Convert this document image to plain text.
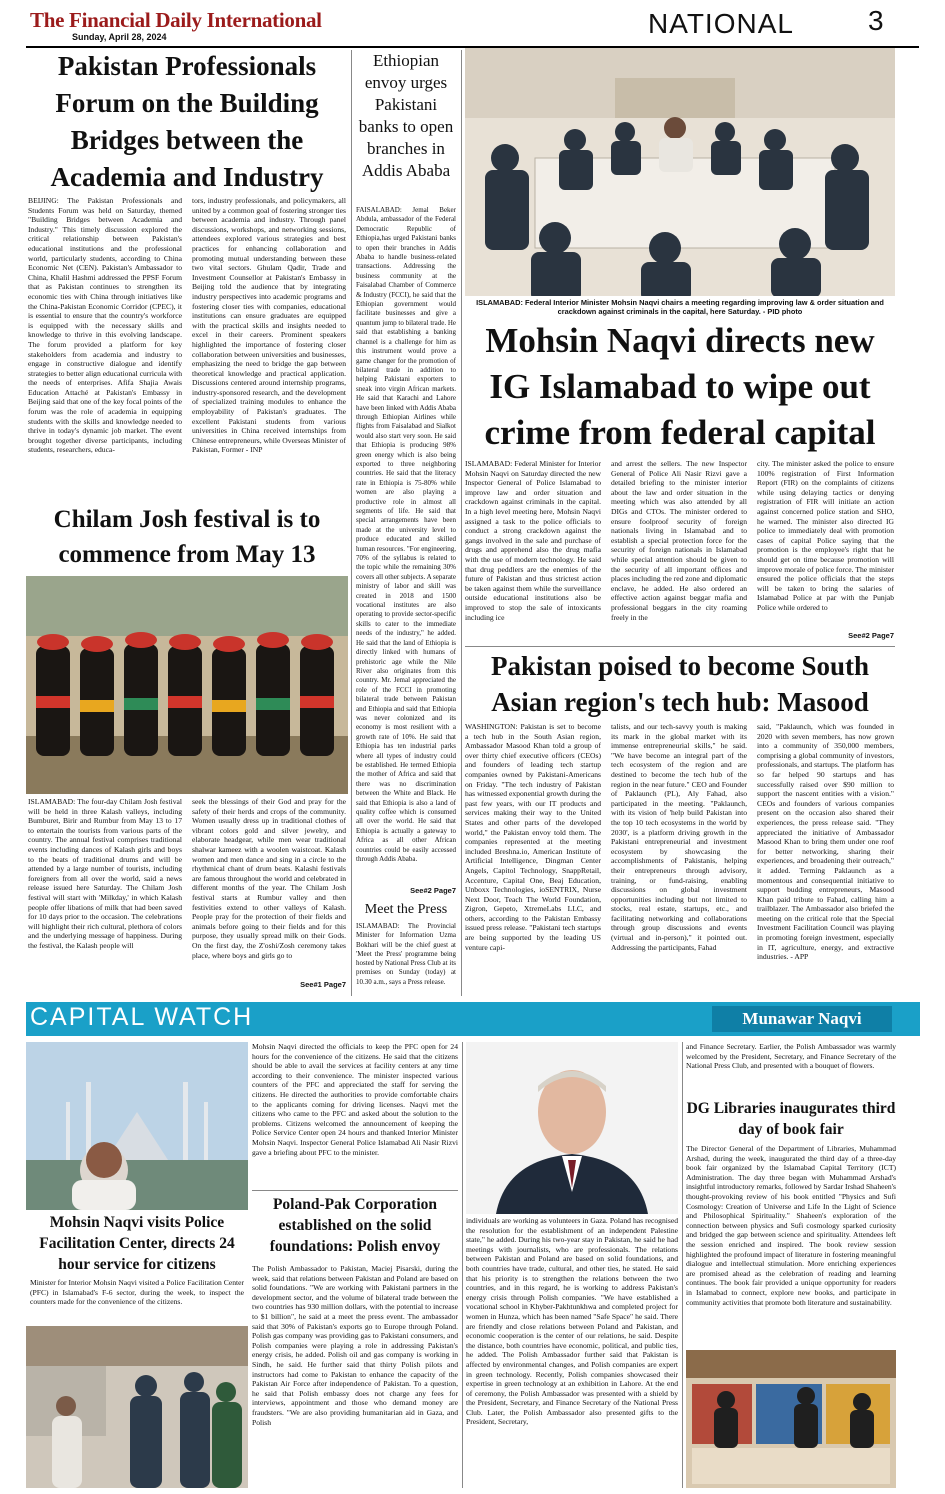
The Financial Daily International
Sunday, April 28, 2024	NATIONAL	3
Pakistan Professionals Forum on the Building Bridges between the Academia and Industry
BEIJING: The Pakistan Professionals and Students Forum was held on Saturday, themed "Building Bridges between Academia and Industry." This timely discussion explored the critical relationship between Pakistan's educational institutions and the professional world, particularly students, according to China Economic Net (CEN). Pakistan's Ambassador to China, Khalil Hashmi addressed the PPSF Forum that as Pakistan continues to strengthen its economic ties with China through initiatives like the China-Pakistan Economic Corridor (CPEC), it is essential to ensure that the country's workforce is equipped with the necessary skills and knowledge to thrive in this evolving landscape. The forum provided a platform for key stakeholders from academia and industry to engage in constructive dialogue and identify strategies to better align educational curricula with the needs of enterprises. Afifa Shajia Awais Education Attaché at Pakistan's Embassy in Beijing said that one of the key focal points of the forum was the role of academia in equipping students with the skills and knowledge needed to thrive in today's dynamic job market. The event brought together diverse participants, including students, researchers, educa-
tors, industry professionals, and policymakers, all united by a common goal of fostering stronger ties between academia and industry. Through panel discussions, workshops, and networking sessions, attendees explored various strategies and best practices for enhancing collaboration and promoting mutual understanding between these two vital sectors. Ghulam Qadir, Trade and Investment Counsellor at Pakistan's Embassy in Beijing told the audience that by integrating industry perspectives into academic programs and fostering closer ties with companies, educational institutions can ensure graduates are equipped with the practical skills and insights needed to excel in their careers. Prominent speakers highlighted the importance of fostering closer collaboration between universities and businesses, emphasizing the need to bridge the gap between theoretical knowledge and practical application. Discussions centered around internship programs, industry-sponsored research, and the development of specialized training modules to enhance the employability of Pakistan's graduates. The excellent Pakistani students from various universities in China received internships from Chinese entrepreneurs, while Overseas Minister of Pakistan, Former - INP
Ethiopian envoy urges Pakistani banks to open branches in Addis Ababa
FAISALABAD: Jemal Beker Abdula, ambassador of the Federal Democratic Republic of Ethiopia,has urged Pakistani banks to open their branches in Addis Ababa to handle business-related transactions. Addressing the business community at the Faisalabad Chamber of Commerce & Industry (FCCI), he said that the Ethiopian government would facilitate businesses and give a quantum jump to bilateral trade. He said that establishing a banking channel is a challenge for him as this instrument would prove a game changer for the promotion of bilateral trade in addition to helping Pakistani exporters to sneak into virgin African markets. He said that Karachi and Lahore have been linked with Addis Ababa through Ethiopian Airlines while flights from Faisalabad and Sialkot would also start very soon. He said that Ethiopia is producing 98% green energy which is also being exported to three neighboring countries. He said that the literacy rate in Ethiopia is 75-80% while women are also playing a productive role in almost all segments of life. He said that special arrangements have been made at the university level to produce educated and skilled human resources. "For engineering, 70% of the syllabus is related to the topic while the remaining 30% covers all other subjects. A separate ministry of labor and skill was created in 2018 and 1500 vocational institutes are also operating to provide sector-specific skills to cater to the immediate needs of the industry," he added. He said that the land of Ethiopia is directly linked with humans of prehistoric age while the Nile River also originates from this country. Mr. Jemal appreciated the role of the FCCI in promoting bilateral trade between Pakistan and Ethiopia and said that Ethiopia was never colonized and its economy is most resilient with a growth rate of 10%. He said that Ethiopia has ten industrial parks where all types of industry could be established. He termed Ethiopia the mother of Africa and said that there was no discrimination between the White and Black. He said that Ethiopia is also a land of quality coffee which is consumed all over the world. He said that Ethiopia is actually a gateway to Africa as all other African countries could be easily accessed through Addis Ababa.
See#2 Page7
Meet the Press
ISLAMABAD: The Provincial Minister for Information Uzma Bokhari will be the chief guest at 'Meet the Press' programme being hosted by National Press Club at its premises on Sunday (today) at 10.30 a.m., says a Press release.
ISLAMABAD: Federal Interior Minister Mohsin Naqvi chairs a meeting regarding improving law & order situation and crackdown against criminals in the capital, here Saturday. - PID photo
Mohsin Naqvi directs new IG Islamabad to wipe out crime from federal capital
ISLAMABAD: Federal Minister for Interior Mohsin Naqvi on Saturday directed the new Inspector General of Police Islamabad to improve law and order situation and crackdown against criminals in the capital. In a high level meeting here, Mohsin Naqvi assigned a task to the police officials to conduct a strong crackdown against the gangs involved in the sale and purchase of drugs and apprehend also the drug mafia with the use of modern technology. He said that drug peddlers are the enemies of the future of Pakistan and thus strictest action be taken against them while the surveillance outside educational institutions also be improved to stop the sale of intoxicants including ice
and arrest the sellers. The new Inspector General of Police Ali Nasir Rizvi gave a detailed briefing to the minister interior about the law and order situation in the meeting which was also attended by all DIGs and CTOs. The minister ordered to ensure foolproof security of foreign nationals living in Islamabad and to establish a special protection force for the security of foreign nationals in Islamabad while special attention should be given to the security of all important offices and places including the red zone and diplomatic enclave, he added. He also ordered an effective action against beggar mafia and professional beggars in the city roaming freely in the
city. The minister asked the police to ensure 100% registration of First Information Report (FIR) on the complaints of citizens while using delaying tactics or denying registration of FIR will initiate an action against concerned police station and SHO, he warned. The minister also directed IG police to immediately deal with promotion cases of capital Police saying that the promotion is the employee's right that he should get on time because promotion will improve morale of police force. The minister ensured the police officials that the steps will be taken to bring the salaries of Islamabad Police at par with the Punjab Police while ordered to
See#2 Page7
Chilam Josh festival is to commence from May 13
ISLAMABAD: The four-day Chilam Josh festival will be held in three Kalash valleys, including Bumburet, Birir and Rumbur from May 13 to 17 to entertain the tourists from various parts of the country. The annual festival comprises traditional events including dances of Kalash girls and boys to the beats of traditional drums and will be attended by a large number of tourists, including foreigners from all over the world, said a news release issued here Saturday. The Chilam Josh festival will start with 'Milkday,' in which Kalash people offer libations of milk that had been saved for 10 days prior to the occasion. The celebrations will highlight their rich cultural, plethora of colors and the underlying message of happiness. During the festival, the Kalash people will
seek the blessings of their God and pray for the safety of their herds and crops of the community. Women usually dress up in traditional clothes of vibrant colors gold and silver jewelry, and elaborate headgear, while men wear traditional shalwar kameez with a woolen waistcoat. Kalash women and men dance and sing in a circle to the rhythmical chant of drum beats. Kalashi festivals are famous throughout the world and celebrated in different months of the year. The Chilam Josh festival starts at Rumbur valley and then festivities extend to other valleys of Kalash. People pray for the protection of their fields and animals before going to their fields and for this purpose, they usually spread milk on their Gods. On the first day, the Z'oshi/Zosh ceremony takes place, where boys and girls go to
See#1 Page7
Pakistan poised to become South Asian region's tech hub: Masood
WASHINGTON: Pakistan is set to become a tech hub in the South Asian region, Ambassador Masood Khan told a group of over thirty chief executive officers (CEOs) and founders of leading tech startup companies owned by Pakistani-Americans on Friday. "The tech industry of Pakistan has witnessed exponential growth during the past few years, with our IT products and services making their way to the United States and other parts of the developed world," the Pakistan envoy told them. The companies represented at the meeting included Breshna.io, American Institute of Artificial Intelligence, Dingman Center Angels, Capitol Technology, SnappRetail, Accenture, Capital One, Beaj Education, Unboxx Technologies, ioSENTRIX, Nurse Next Door, Teach The World Foundation, Zigron, Gepeto, XtremeLabs LLC, and others, according to the Pakistan Embassy issued press release. "Pakistani tech startups are being supported by the leading US venture capi-
talists, and our tech-savvy youth is making its mark in the global market with its immense entrepreneurial skills," he said. "We have become an integral part of the tech ecosystem of the region and are destined to become the tech hub of the region in the near future." CEO and Founder of Paklaunch (PL), Aly Fahad, also participated in the meeting. "Paklaunch, with its vision of 'help build Pakistan into the top 10 tech ecosystems in the world by 2030', is a platform driving growth in the Pakistani entrepreneurial and investment ecosystem by showcasing the accomplishments of Pakistanis, helping their entrepreneurs through advisory, training, or fund-raising, enabling discussions on global investment opportunities including but not limited to stocks, real estate, startups, etc., and facilitating networking and collaborations through group discussions and events (virtual and in-person)," it pointed out. Addressing the participants, Fahad
said, "Paklaunch, which was founded in 2020 with seven members, has now grown into a community of 350,000 members, comprising a global community of investors, professionals, and startups. The platform has so far helped 90 startups and has successfully raised over $90 million to support the nascent entities with a vision." CEOs and founders of various companies present on the occasion also shared their experiences, the press release said. "They appreciated the initiative of Ambassador Masood Khan to bring them under one roof for better networking, sharing their experiences, and broadening their outreach," it added. Terming Paklaunch as a momentous and consequential initiative to support budding entrepreneurs, Masood Khan paid tribute to Fahad, calling him a trailblazer. The Ambassador also briefed the meeting on the critical role that the Special Investment Facilitation Council was playing in promoting foreign investment, especially in IT, agriculture, energy, and extractive industries. - APP
CAPITAL WATCH	Munawar Naqvi
Mohsin Naqvi visits Police Facilitation Center, directs 24 hour service for citizens
Minister for Interior Mohsin Naqvi visited a Police Facilitation Center (PFC) in Islamabad's F-6 sector, during the week, to inspect the counters made for the convenience of the citizens.
Mohsin Naqvi directed the officials to keep the PFC open for 24 hours for the convenience of the citizens. He said that the citizens should be able to avail the services at facility centers at any time according to their convenience. The minister inspected various counters of the PFC and appreciated the staff for serving the citizens. He directed the authorities to provide comfortable chairs to the applicants coming for driving licenses. Naqvi met the citizens who came to the PFC and asked about the solution to the problems. Citizens welcomed the announcement of keeping the Police Service Center open 24 hours and thanked Interior Minister Mohsin Naqvi. Inspector General Police Islamabad Ali Nasir Rizvi gave a briefing about PFC to the minister.
Poland-Pak Corporation established on the solid foundations: Polish envoy
The Polish Ambassador to Pakistan, Maciej Pisarski, during the week, said that relations between Pakistan and Poland are based on solid foundations. "We are working with Pakistani partners in the development sector, and the volume of bilateral trade between the two countries has 930 million dollars, with the potential to increase to $1 billion", he said at a meet the press event. The ambassador said that 30% of Pakistan's exports go to Europe through Poland. Polish gas company was providing gas to Pakistani consumers, and Polish companies were playing a role in addressing Pakistan's energy crisis, he added. Polish oil and gas company is working in Sindh, he said. He further said that thirty Polish pilots and instructors had come to Pakistan to enhance the capacity of the Pakistan Air Force after independence of Pakistan. To a question, he said that Polish embassy does not charge any fees for interviews, appointment and those who demand money are fraudsters. "We are also providing humanitarian aid in Gaza, and Polish
individuals are working as volunteers in Gaza. Poland has recognised the resolution for the establishment of an independent Palestine state," he added. During his two-year stay in Pakistan, he said he had meetings with journalists, who are professionals. The relations between Pakistan and Poland are based on solid foundations, and both countries have trade, cultural, and other ties, he stated. He said that his priority is to strengthen the relations between the two countries, and in this regard, he is working to address Pakistan's energy crisis through Polish companies. "We have established a vocational school in Khyber-Pakhtunkhwa and completed project for women in Hunza, which has been named "Safe Space" he said. There are friendly and close relations between Poland and Pakistan, and economic cooperation is the center of our relations, he said. Despite the distance, both countries have economic, political, and public ties, he added. The Polish Ambassador further said that Pakistan is affected by environmental changes, and Polish companies are expert in green technology. Recently, Polish companies showcased their expertise in green technology at an exhibition in Lahore. At the end of ceremony, the Polish Ambassador was presented with a shield by the President, Secretary, and Finance Secretary of the National Press Club. Later, the Polish Ambassador also presented gifts to the President, Secretary,
and Finance Secretary. Earlier, the Polish Ambassador was warmly welcomed by the President, Secretary, and Finance Secretary of the National Press Club, and presented with a bouquet of flowers.
DG Libraries inaugurates third day of book fair
The Director General of the Department of Libraries, Muhammad Arshad, during the week, inaugurated the third day of a three-day book fair organized by the Islamabad Capital Territory (ICT) Administration. The day three began with Muhammad Arshad's insightful introductory remarks, followed by Sardar Irshad Shaheen's thought-provoking review of his book entitled "Physics and Sufi Cosmology: Creation of Universe and Life In the Light of Science and Philosophical Spirituality." Shaheen's exploration of the connection between physics and Sufi cosmology sparked curiosity and bridged the gap between science and spirituality. Attendees left the session enriched and inspired. The book review session highlighted the profound impact of literature in fostering meaningful dialogue and intellectual stimulation. More enriching experiences are promised ahead as the celebration of reading and learning continues. The book fair provided a unique opportunity for readers in Islamabad to connect, explore new books, and participate in community activities that promote both literature and sustainability.
